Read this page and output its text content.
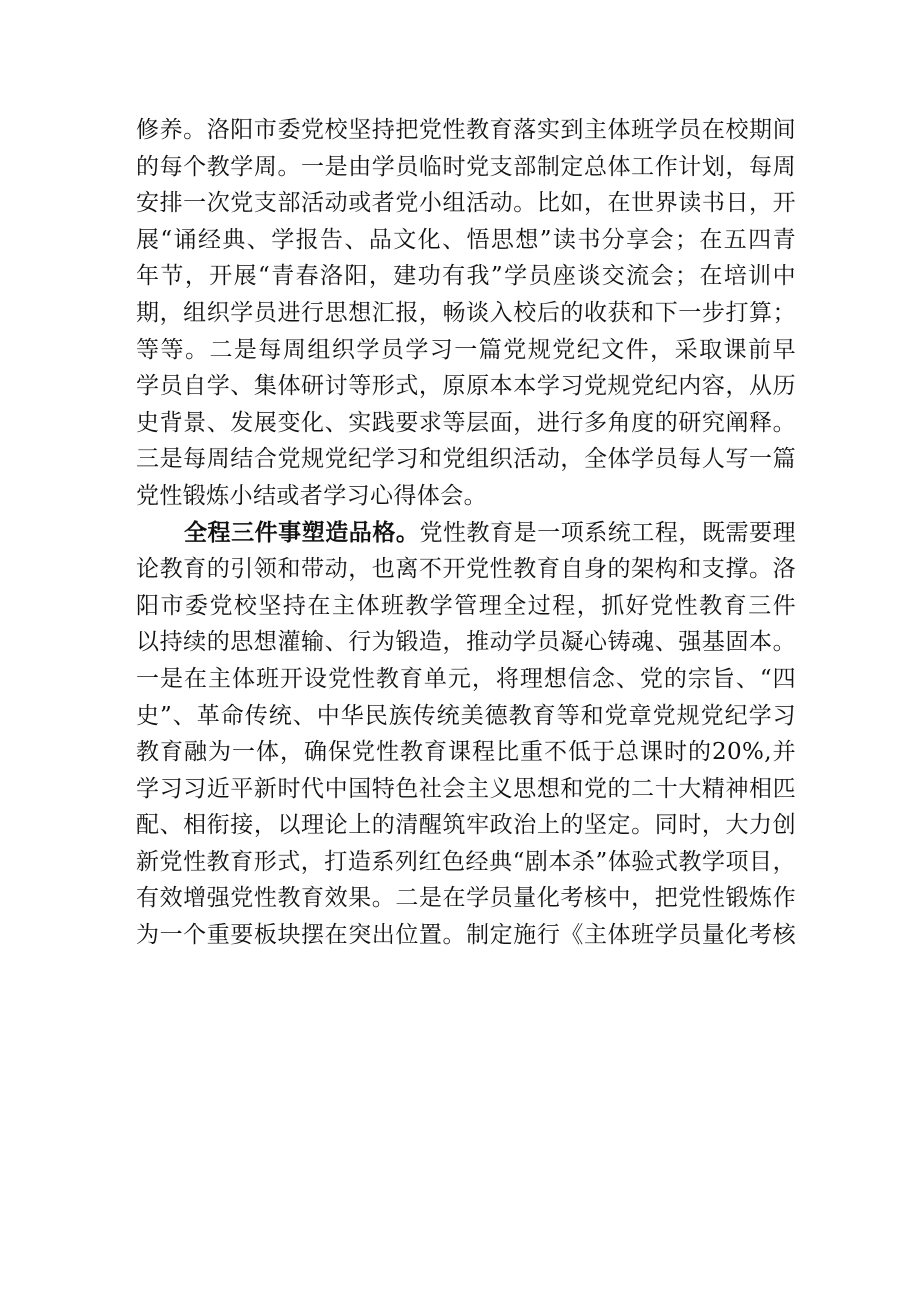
修养。洛阳市委党校坚持把党性教育落实到主体班学员在校期间
的每个教学周。一是由学员临时党支部制定总体工作计划，每周
安排一次党支部活动或者党小组活动。比如，在世界读书日，开
展“诵经典、学报告、品文化、悟思想”读书分享会；在五四青
年节，开展“青春洛阳，建功有我”学员座谈交流会；在培训中
期，组织学员进行思想汇报，畅谈入校后的收获和下一步打算；
等等。二是每周组织学员学习一篇党规党纪文件，采取课前早
学员自学、集体研讨等形式，原原本本学习党规党纪内容，从历
史背景、发展变化、实践要求等层面，进行多角度的研究阐释。
三是每周结合党规党纪学习和党组织活动，全体学员每人写一篇
党性锻炼小结或者学习心得体会。
全程三件事塑造品格。党性教育是一项系统工程，既需要理
论教育的引领和带动，也离不开党性教育自身的架构和支撑。洛
阳市委党校坚持在主体班教学管理全过程，抓好党性教育三件
以持续的思想灌输、行为锻造，推动学员凝心铸魂、强基固本。
一是在主体班开设党性教育单元，将理想信念、党的宗旨、“四
史”、革命传统、中华民族传统美德教育等和党章党规党纪学习
教育融为一体，确保党性教育课程比重不低于总课时的20%,并
学习习近平新时代中国特色社会主义思想和党的二十大精神相匹
配、相衔接，以理论上的清醒筑牢政治上的坚定。同时，大力创
新党性教育形式，打造系列红色经典“剧本杀”体验式教学项目，
有效增强党性教育效果。二是在学员量化考核中，把党性锻炼作
为一个重要板块摆在突出位置。制定施行《主体班学员量化考核
